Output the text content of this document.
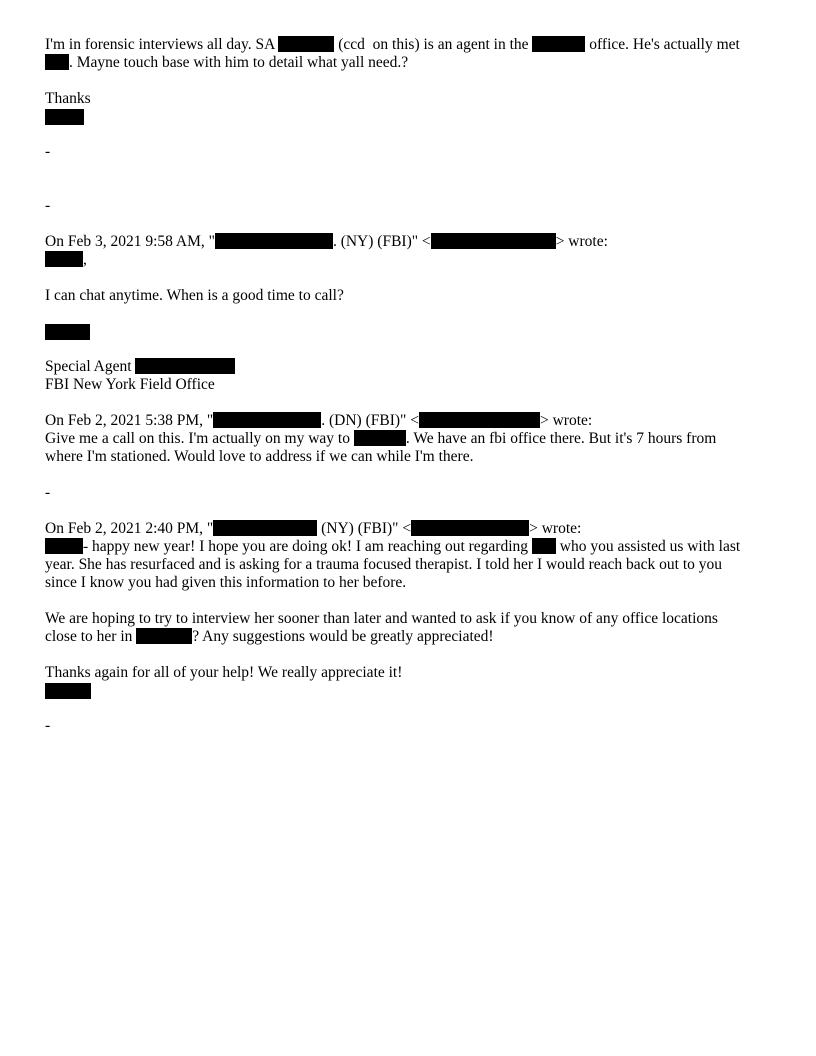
I'm in forensic interviews all day. SA	(ccd  on this) is an agent in the	office. He's actually met
. Mayne touch base with him to detail what yall need.?
Thanks
-
-
On Feb 3, 2021 9:58 AM, "	. (NY) (FBI)" <	> wrote:
,
I can chat anytime. When is a good time to call?
Special Agent
FBI New York Field Office
On Feb 2, 2021 5:38 PM, "	. (DN) (FBI)" <	> wrote:
Give me a call on this. I'm actually on my way to	. We have an fbi office there. But it's 7 hours from
where I'm stationed. Would love to address if we can while I'm there.
-
On Feb 2, 2021 2:40 PM, "	(NY) (FBI)" <	> wrote:
- happy new year! I hope you are doing ok! I am reaching out regarding  who you assisted us with last
year. She has resurfaced and is asking for a trauma focused therapist. I told her I would reach back out to you
since I know you had given this information to her before.
We are hoping to try to interview her sooner than later and wanted to ask if you know of any office locations
close to her in	? Any suggestions would be greatly appreciated!
Thanks again for all of your help! We really appreciate it!
-
